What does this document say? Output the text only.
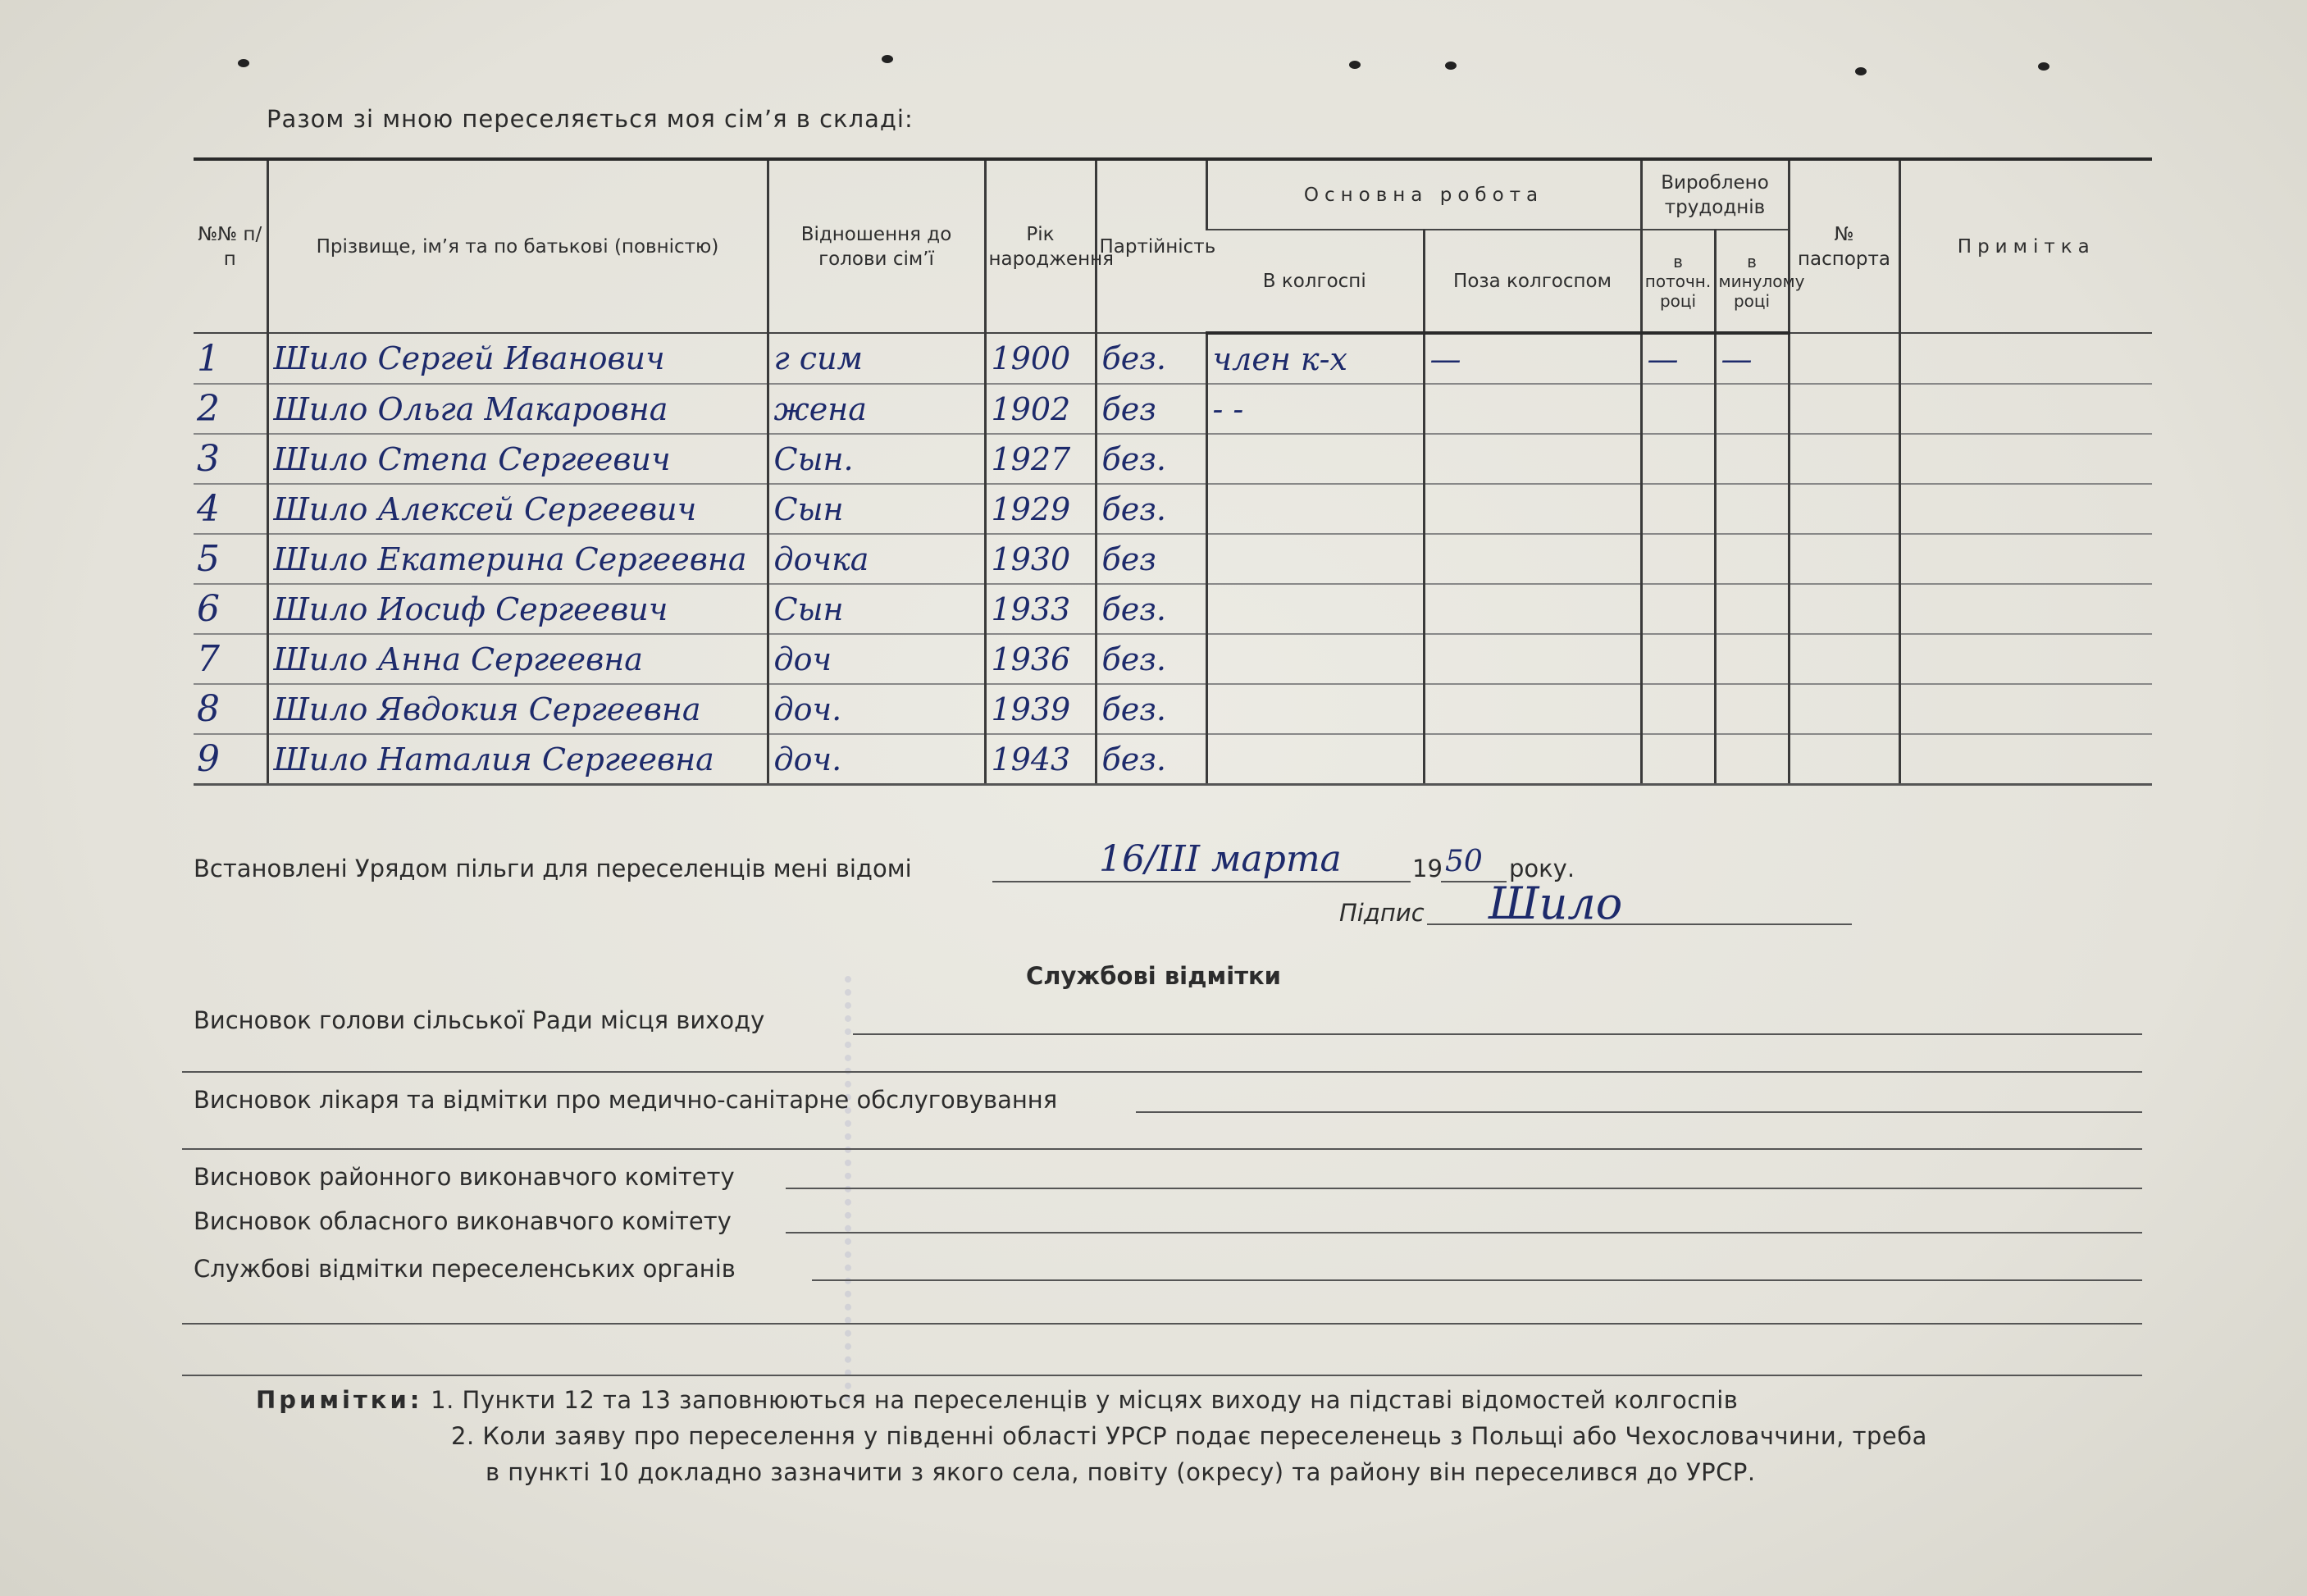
Разом зі мною переселяється моя сім’я в складі:
№№ п/п	Прізвище, ім’я та по батькові (повністю)	Відношення до голови сім’ї	Рік народження	Партійність	Основна робота		Вироблено трудоднів		№ паспорта	Примітка
					В колгоспі	Поза колгоспом	в поточн. році	в минулому році		
1	Шило Сергей Иванович	г сим	1900	без.	член к-х	—	—	—		
2	Шило Ольга Макаровна	жена	1902	без	- -					
3	Шило Степа Сергеевич	Сын.	1927	без.						
4	Шило Алексей Сергеевич	Сын	1929	без.						
5	Шило Екатерина Сергеевна	дочка	1930	без						
6	Шило Иосиф Сергеевич	Сын	1933	без.						
7	Шило Анна Сергеевна	доч	1936	без.						
8	Шило Явдокия Сергеевна	доч.	1939	без.						
9	Шило Наталия Сергеевна	доч.	1943	без.						
Встановлені Урядом пільги для переселенців мені відомі	16/III марта	19 50 року.
Підпис Шило
Службові відмітки
Висновок голови сільської Ради місця виходу
Висновок лікаря та відмітки про медично-санітарне обслуговування
Висновок районного виконавчого комітету
Висновок обласного виконавчого комітету
Службові відмітки переселенських органів
Примітки: 1. Пункти 12 та 13 заповнюються на переселенців у місцях виходу на підставі відомостей колгоспів
2. Коли заяву про переселення у південні області УРСР подає переселенець з Польщі або Чехословаччини, треба
в пункті 10 докладно зазначити з якого села, повіту (окресу) та району він переселився до УРСР.
